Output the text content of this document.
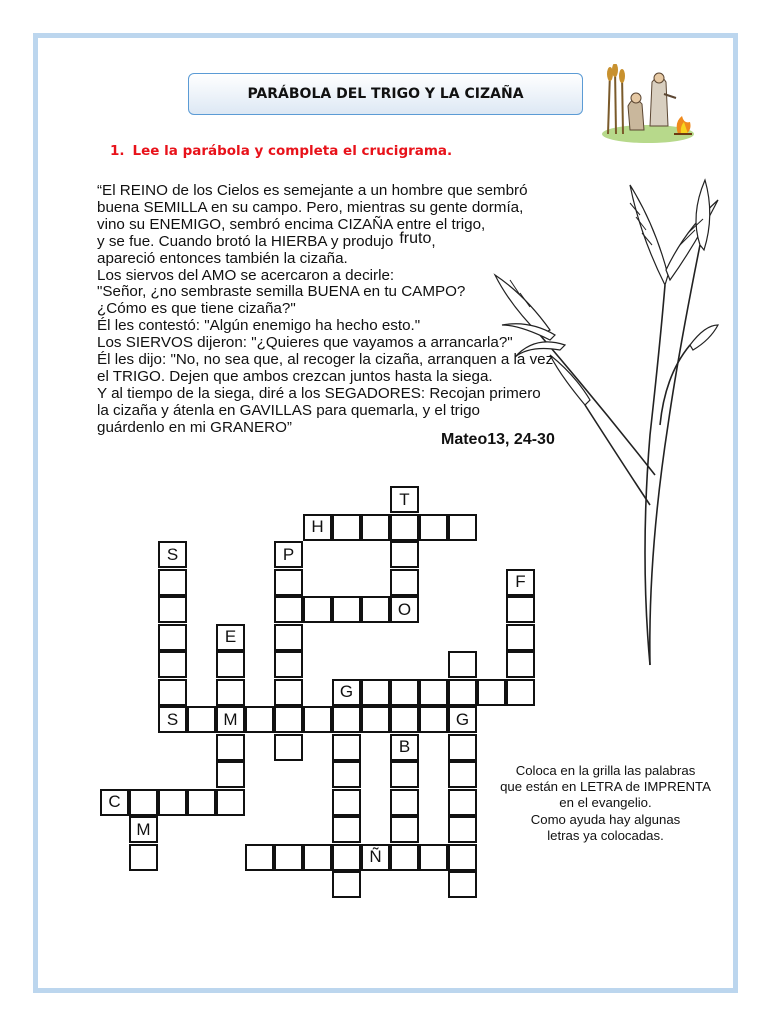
PARÁBOLA DEL TRIGO Y LA CIZAÑA
1. Lee la parábola y completa el crucigrama.
“El REINO de los Cielos es semejante a un hombre que sembró
buena SEMILLA en su campo. Pero, mientras su gente dormía,
vino su ENEMIGO, sembró encima CIZAÑA entre el trigo,
y se fue. Cuando brotó la HIERBA y produjo fruto,
apareció entonces también la cizaña.
Los siervos del AMO se acercaron a decirle:
"Señor, ¿no sembraste semilla BUENA en tu CAMPO?
¿Cómo es que tiene cizaña?"
Él les contestó: "Algún enemigo ha hecho esto."
Los SIERVOS dijeron: "¿Quieres que vayamos a arrancarla?"
Él les dijo: "No, no sea que, al recoger la cizaña, arranquen a la vez
el TRIGO. Dejen que ambos crezcan juntos hasta la siega.
Y al tiempo de la siega, diré a los SEGADORES: Recojan primero
la cizaña y átenla en GAVILLAS para quemarla, y el trigo
guárdenlo en mi GRANERO”
Mateo13, 24-30
T
H
S	P
F
O
E
G
S	M	G
B
C
M
Ñ
Coloca en la grilla las palabras
que están en LETRA de IMPRENTA
en el evangelio.
Como ayuda hay algunas
letras ya colocadas.
